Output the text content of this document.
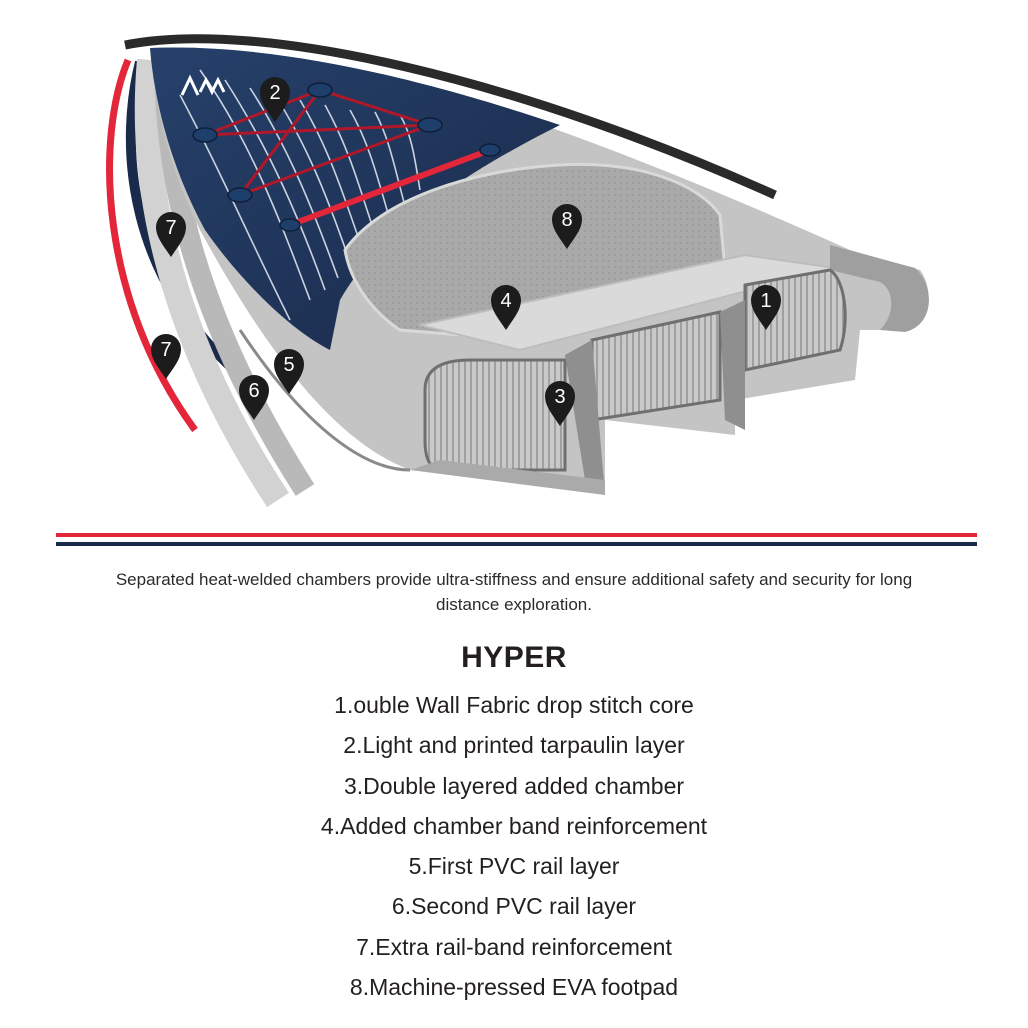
1
2
3
4
5
6
7
7
8
Separated heat-welded chambers provide ultra-stiffness and ensure additional safety and security for long distance exploration.
HYPER
1.ouble Wall Fabric drop stitch core
2.Light and printed tarpaulin layer
3.Double layered added chamber
4.Added chamber band reinforcement
5.First PVC rail layer
6.Second PVC rail layer
7.Extra rail-band reinforcement
8.Machine-pressed EVA footpad
